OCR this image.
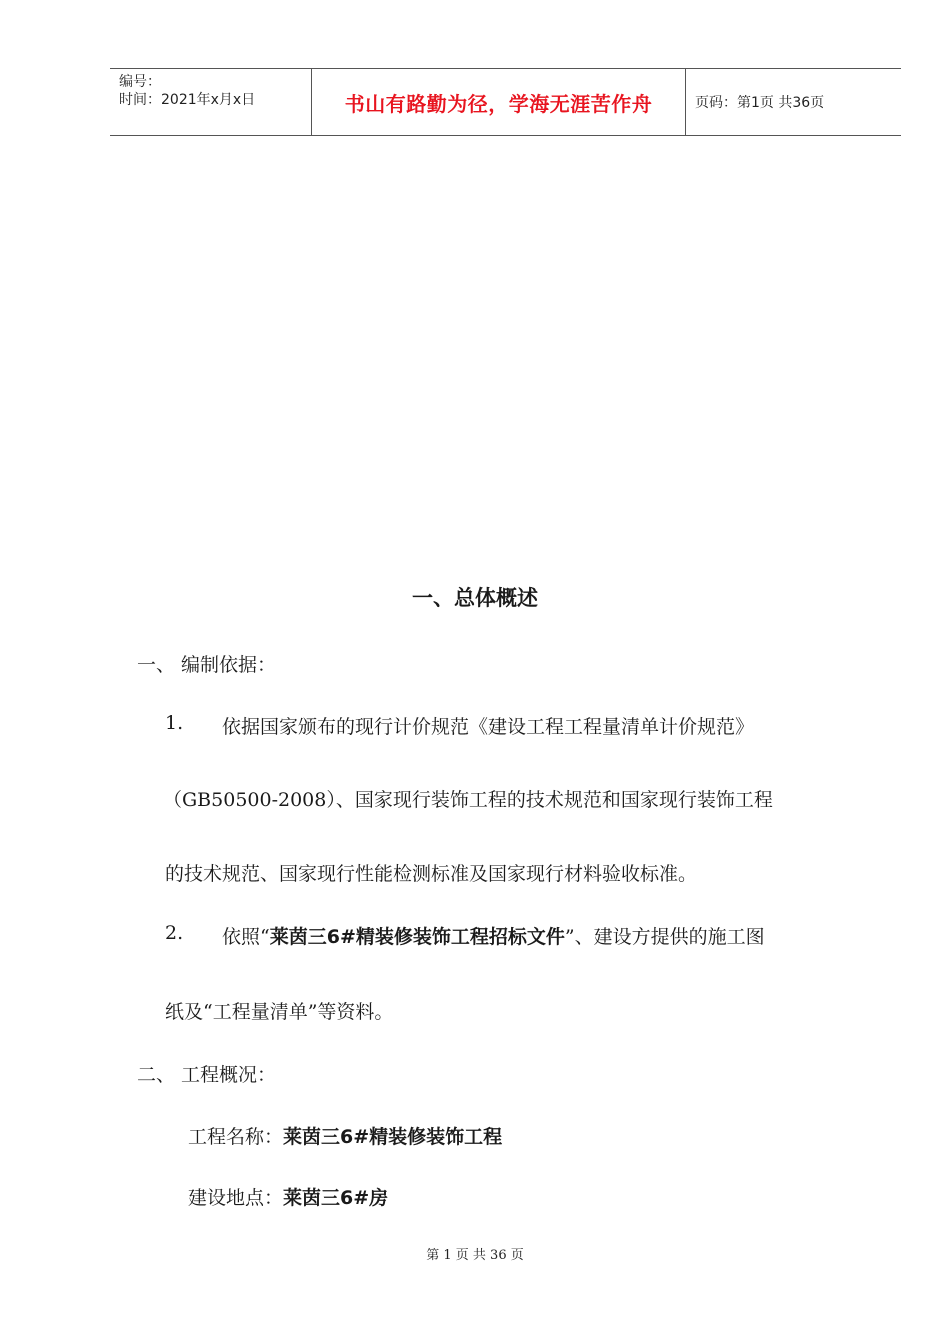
编号：
时间：2021年x月x日	书山有路勤为径，学海无涯苦作舟	页码：第1页 共36页
一、总体概述
一、 编制依据：
1. 依据国家颁布的现行计价规范《建设工程工程量清单计价规范》
（GB50500-2008）、国家现行装饰工程的技术规范和国家现行装饰工程
的技术规范、国家现行性能检测标准及国家现行材料验收标准。
2. 依照“莱茵三6#精装修装饰工程招标文件”、建设方提供的施工图
纸及“工程量清单”等资料。
二、 工程概况：
工程名称：莱茵三6#精装修装饰工程
建设地点：莱茵三6#房
第 1 页 共 36 页
